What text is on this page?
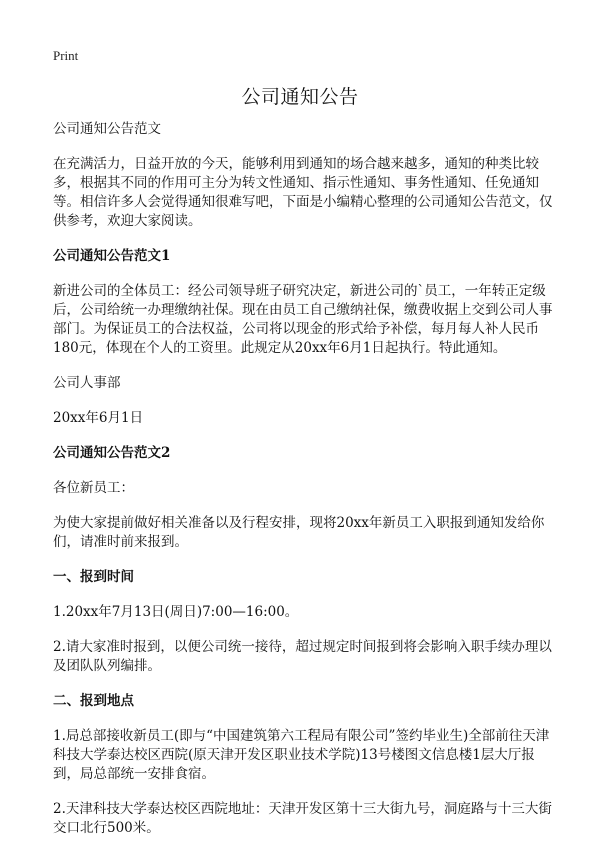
Print
公司通知公告

公司通知公告范文

在充满活力，日益开放的今天，能够利用到通知的场合越来越多，通知的种类比较多，根据其不同的作用可主分为转文性通知、指示性通知、事务性通知、任免通知等。相信许多人会觉得通知很难写吧，下面是小编精心整理的公司通知公告范文，仅供参考，欢迎大家阅读。

公司通知公告范文1

新进公司的全体员工：经公司领导班子研究决定，新进公司的`员工，一年转正定级后，公司给统一办理缴纳社保。现在由员工自己缴纳社保，缴费收据上交到公司人事部门。为保证员工的合法权益，公司将以现金的形式给予补偿，每月每人补人民币180元，体现在个人的工资里。此规定从20xx年6月1日起执行。特此通知。

公司人事部

20xx年6月1日

公司通知公告范文2

各位新员工：

为使大家提前做好相关准备以及行程安排，现将20xx年新员工入职报到通知发给你们，请准时前来报到。

一、报到时间

1.20xx年7月13日(周日)7:00—16:00。

2.请大家准时报到，以便公司统一接待，超过规定时间报到将会影响入职手续办理以及团队队列编排。

二、报到地点

1.局总部接收新员工(即与“中国建筑第六工程局有限公司”签约毕业生)全部前往天津科技大学泰达校区西院(原天津开发区职业技术学院)13号楼图文信息楼1层大厅报到，局总部统一安排食宿。

2.天津科技大学泰达校区西院地址：天津开发区第十三大街九号，洞庭路与十三大街交口北行500米。
